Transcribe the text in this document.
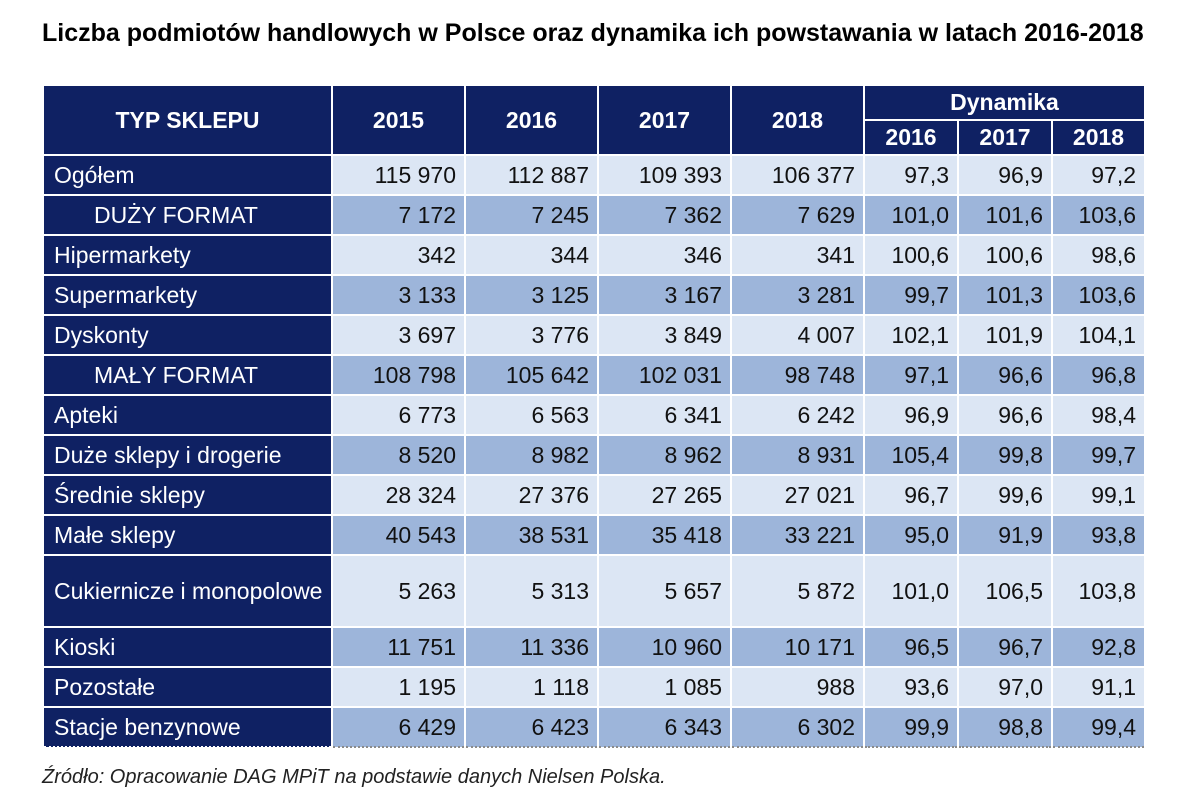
Liczba podmiotów handlowych w Polsce oraz dynamika ich powstawania w latach 2016-2018

TYP SKLEPU	2015	2016	2017	2018	Dynamika		
					2016	2017	2018
Ogółem	115 970	112 887	109 393	106 377	97,3	96,9	97,2
DUŻY FORMAT	7 172	7 245	7 362	7 629	101,0	101,6	103,6
Hipermarkety	342	344	346	341	100,6	100,6	98,6
Supermarkety	3 133	3 125	3 167	3 281	99,7	101,3	103,6
Dyskonty	3 697	3 776	3 849	4 007	102,1	101,9	104,1
MAŁY FORMAT	108 798	105 642	102 031	98 748	97,1	96,6	96,8
Apteki	6 773	6 563	6 341	6 242	96,9	96,6	98,4
Duże sklepy i drogerie	8 520	8 982	8 962	8 931	105,4	99,8	99,7
Średnie sklepy	28 324	27 376	27 265	27 021	96,7	99,6	99,1
Małe sklepy	40 543	38 531	35 418	33 221	95,0	91,9	93,8
Cukiernicze i monopolowe	5 263	5 313	5 657	5 872	101,0	106,5	103,8
Kioski	11 751	11 336	10 960	10 171	96,5	96,7	92,8
Pozostałe	1 195	1 118	1 085	988	93,6	97,0	91,1
Stacje benzynowe	6 429	6 423	6 343	6 302	99,9	98,8	99,4

Źródło: Opracowanie DAG MPiT na podstawie danych Nielsen Polska.
